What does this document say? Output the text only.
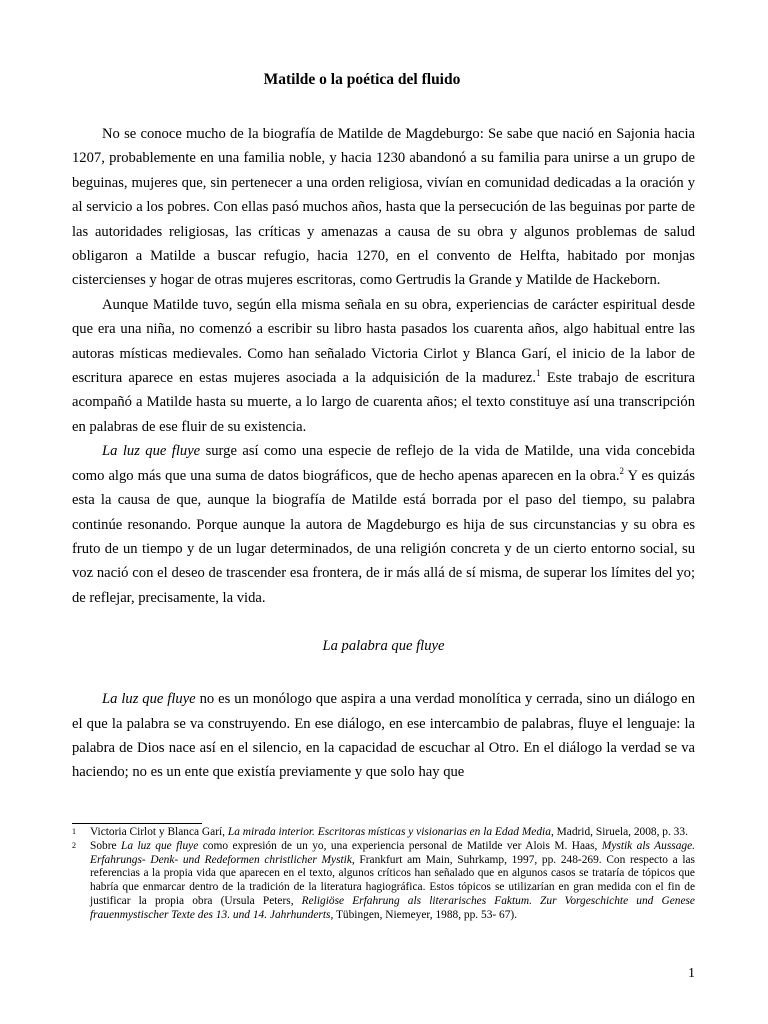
Matilde o la poética del fluido

No se conoce mucho de la biografía de Matilde de Magdeburgo: Se sabe que nació en Sajonia hacia 1207, probablemente en una familia noble, y hacia 1230 abandonó a su familia para unirse a un grupo de beguinas, mujeres que, sin pertenecer a una orden religiosa, vivían en comunidad dedicadas a la oración y al servicio a los pobres. Con ellas pasó muchos años, hasta que la persecución de las beguinas por parte de las autoridades religiosas, las críticas y amenazas a causa de su obra y algunos problemas de salud obligaron a Matilde a buscar refugio, hacia 1270, en el convento de Helfta, habitado por monjas cistercienses y hogar de otras mujeres escritoras, como Gertrudis la Grande y Matilde de Hackeborn.

Aunque Matilde tuvo, según ella misma señala en su obra, experiencias de carácter espiritual desde que era una niña, no comenzó a escribir su libro hasta pasados los cuarenta años, algo habitual entre las autoras místicas medievales. Como han señalado Victoria Cirlot y Blanca Garí, el inicio de la labor de escritura aparece en estas mujeres asociada a la adquisición de la madurez.$^1$ Este trabajo de escritura acompañó a Matilde hasta su muerte, a lo largo de cuarenta años; el texto constituye así una transcripción en palabras de ese fluir de su existencia.

La luz que fluye surge así como una especie de reflejo de la vida de Matilde, una vida concebida como algo más que una suma de datos biográficos, que de hecho apenas aparecen en la obra.$^2$ Y es quizás esta la causa de que, aunque la biografía de Matilde está borrada por el paso del tiempo, su palabra continúe resonando. Porque aunque la autora de Magdeburgo es hija de sus circunstancias y su obra es fruto de un tiempo y de un lugar determinados, de una religión concreta y de un cierto entorno social, su voz nació con el deseo de trascender esa frontera, de ir más allá de sí misma, de superar los límites del yo; de reflejar, precisamente, la vida.

La palabra que fluye

La luz que fluye no es un monólogo que aspira a una verdad monolítica y cerrada, sino un diálogo en el que la palabra se va construyendo. En ese diálogo, en ese intercambio de palabras, fluye el lenguaje: la palabra de Dios nace así en el silencio, en la capacidad de escuchar al Otro. En el diálogo la verdad se va haciendo; no es un ente que existía previamente y que solo hay que

1	Victoria Cirlot y Blanca Garí, La mirada interior. Escritoras místicas y visionarias en la Edad Media, Madrid, Siruela, 2008, p. 33.
2	Sobre La luz que fluye como expresión de un yo, una experiencia personal de Matilde ver Alois M. Haas, Mystik als Aussage. Erfahrungs- Denk- und Redeformen christlicher Mystik, Frankfurt am Main, Suhrkamp, 1997, pp. 248-269. Con respecto a las referencias a la propia vida que aparecen en el texto, algunos críticos han señalado que en algunos casos se trataría de tópicos que habría que enmarcar dentro de la tradición de la literatura hagiográfica. Estos tópicos se utilizarían en gran medida con el fin de justificar la propia obra (Ursula Peters, Religiöse Erfahrung als literarisches Faktum. Zur Vorgeschichte und Genese frauenmystischer Texte des 13. und 14. Jahrhunderts, Tübingen, Niemeyer, 1988, pp. 53- 67).
1
